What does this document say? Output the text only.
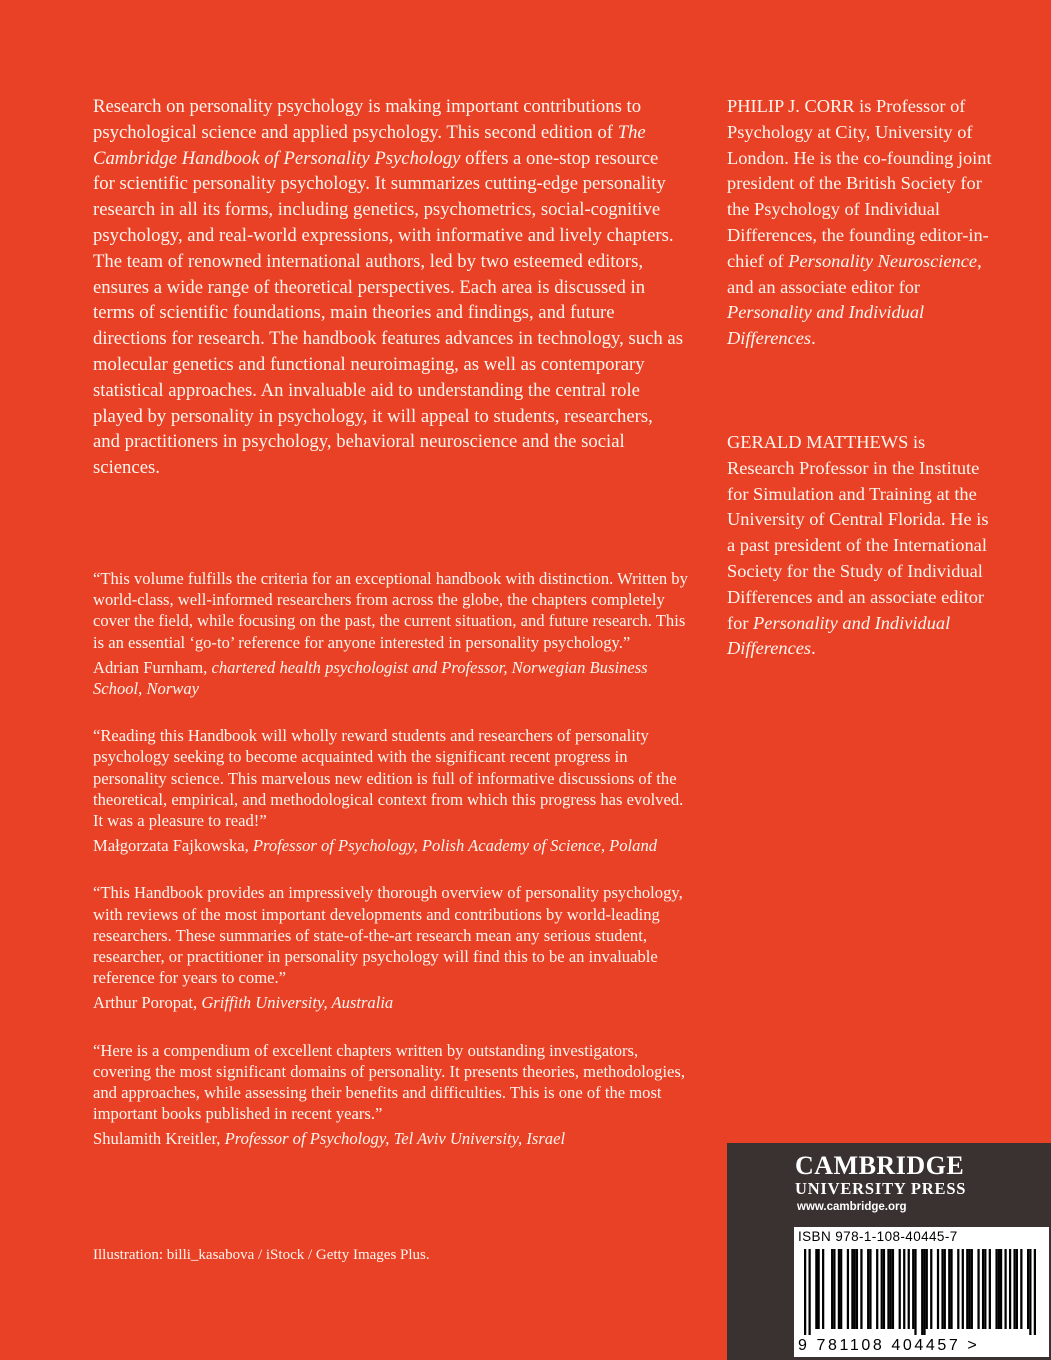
Research on personality psychology is making important contributions to psychological science and applied psychology. This second edition of The Cambridge Handbook of Personality Psychology offers a one-stop resource for scientific personality psychology. It summarizes cutting-edge personality research in all its forms, including genetics, psychometrics, social-cognitive psychology, and real-world expressions, with informative and lively chapters. The team of renowned international authors, led by two esteemed editors, ensures a wide range of theoretical perspectives. Each area is discussed in terms of scientific foundations, main theories and findings, and future directions for research. The handbook features advances in technology, such as molecular genetics and functional neuroimaging, as well as contemporary statistical approaches. An invaluable aid to understanding the central role played by personality in psychology, it will appeal to students, researchers, and practitioners in psychology, behavioral neuroscience and the social sciences.

PHILIP J. CORR is Professor of Psychology at City, University of London. He is the co-founding joint president of the British Society for the Psychology of Individual Differences, the founding editor-in-chief of Personality Neuroscience, and an associate editor for Personality and Individual Differences.

GERALD MATTHEWS is Research Professor in the Institute for Simulation and Training at the University of Central Florida. He is a past president of the International Society for the Study of Individual Differences and an associate editor for Personality and Individual Differences.

“This volume fulfills the criteria for an exceptional handbook with distinction. Written by world-class, well-informed researchers from across the globe, the chapters completely cover the field, while focusing on the past, the current situation, and future research. This is an essential ‘go-to’ reference for anyone interested in personality psychology.”

Adrian Furnham, chartered health psychologist and Professor, Norwegian Business School, Norway

“Reading this Handbook will wholly reward students and researchers of personality psychology seeking to become acquainted with the significant recent progress in personality science. This marvelous new edition is full of informative discussions of the theoretical, empirical, and methodological context from which this progress has evolved. It was a pleasure to read!”

Małgorzata Fajkowska, Professor of Psychology, Polish Academy of Science, Poland

“This Handbook provides an impressively thorough overview of personality psychology, with reviews of the most important developments and contributions by world-leading researchers. These summaries of state-of-the-art research mean any serious student, researcher, or practitioner in personality psychology will find this to be an invaluable reference for years to come.”

Arthur Poropat, Griffith University, Australia

“Here is a compendium of excellent chapters written by outstanding investigators, covering the most significant domains of personality. It presents theories, methodologies, and approaches, while assessing their benefits and difficulties. This is one of the most important books published in recent years.”

Shulamith Kreitler, Professor of Psychology, Tel Aviv University, Israel

Illustration: billi_kasabova / iStock / Getty Images Plus.

CAMBRIDGE
UNIVERSITY PRESS
www.cambridge.org
ISBN 978-1-108-40445-7
9 781108 404457 >
